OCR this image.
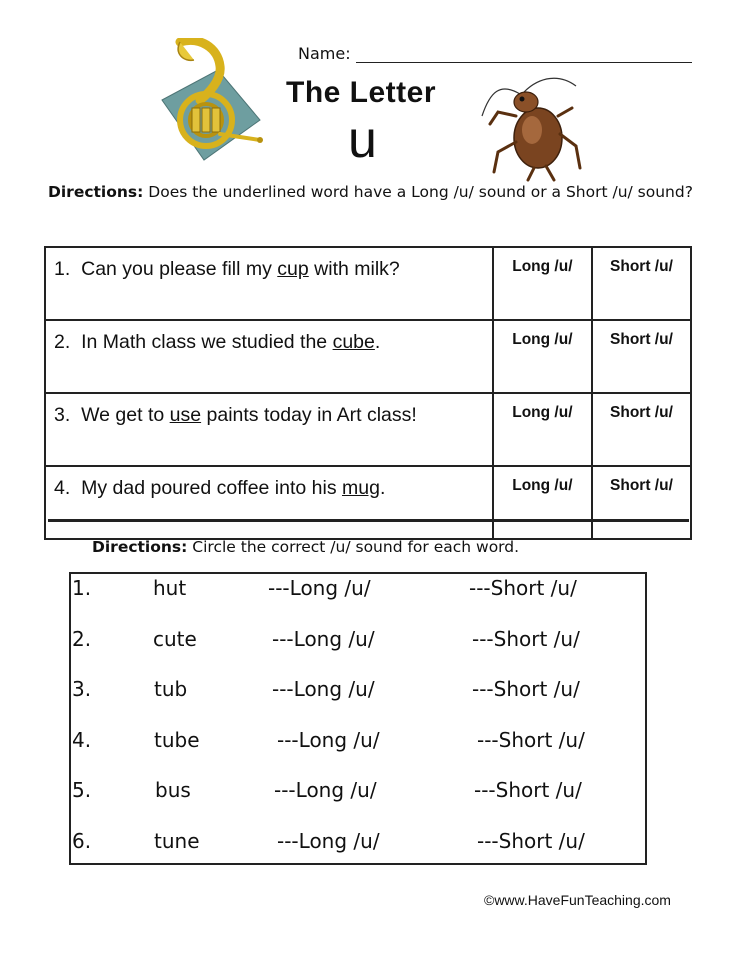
Name:
The Letter
u
Directions: Does the underlined word have a Long /u/ sound or a Short /u/ sound?
1. Can you please fill my cup with milk?	Long /u/	Short /u/
2. In Math class we studied the cube.	Long /u/	Short /u/
3. We get to use paints today in Art class!	Long /u/	Short /u/
4. My dad poured coffee into his mug.	Long /u/	Short /u/
Directions: Circle the correct /u/ sound for each word.
1.	hut	---Long /u/	---Short /u/
2.	cute	---Long /u/	---Short /u/
3.	tub	---Long /u/	---Short /u/
4.	tube	---Long /u/	---Short /u/
5.	bus	---Long /u/	---Short /u/
6.	tune	---Long /u/	---Short /u/
©www.HaveFunTeaching.com
